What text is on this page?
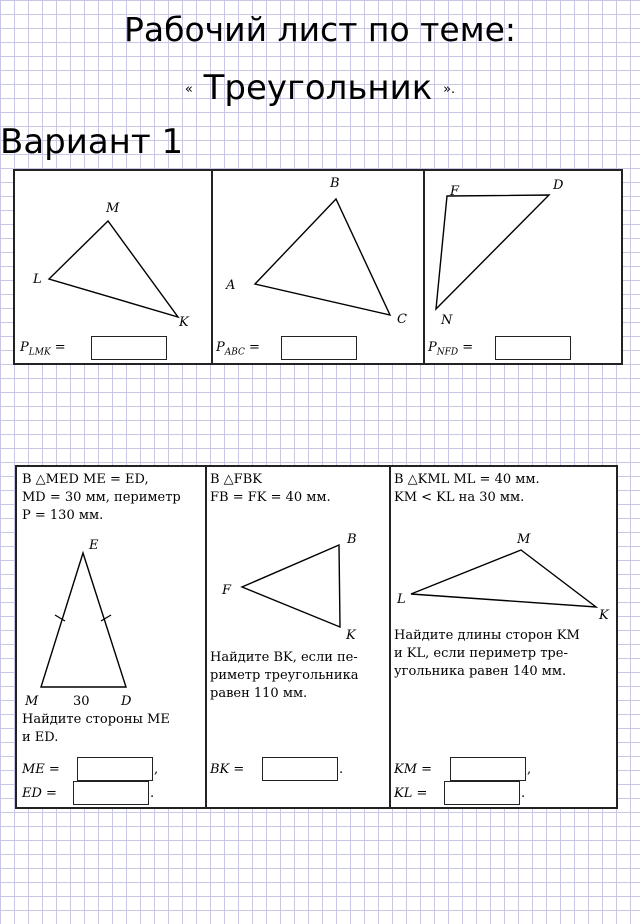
Рабочий лист по теме:
« Треугольник ».
Вариант 1
M
L
K
$P_{LMK}$ =
B
A
C
$P_{ABC}$ =
F	D
N
$P_{NFD}$ =
В △MED ME = ED,
MD = 30 мм, периметр
P = 130 мм.
E
M	D
30
Найдите стороны ME
и ED.
ME =	,
ED =	.
В △FBK
FB = FK = 40 мм.
B
F
K
Найдите BK, если пе-
риметр треугольника
равен 110 мм.
BK =	.
В △KML ML = 40 мм.
KM < KL на 30 мм.
M
L
K
Найдите длины сторон KM
и KL, если периметр тре-
угольника равен 140 мм.
KM =	,
KL =	.
